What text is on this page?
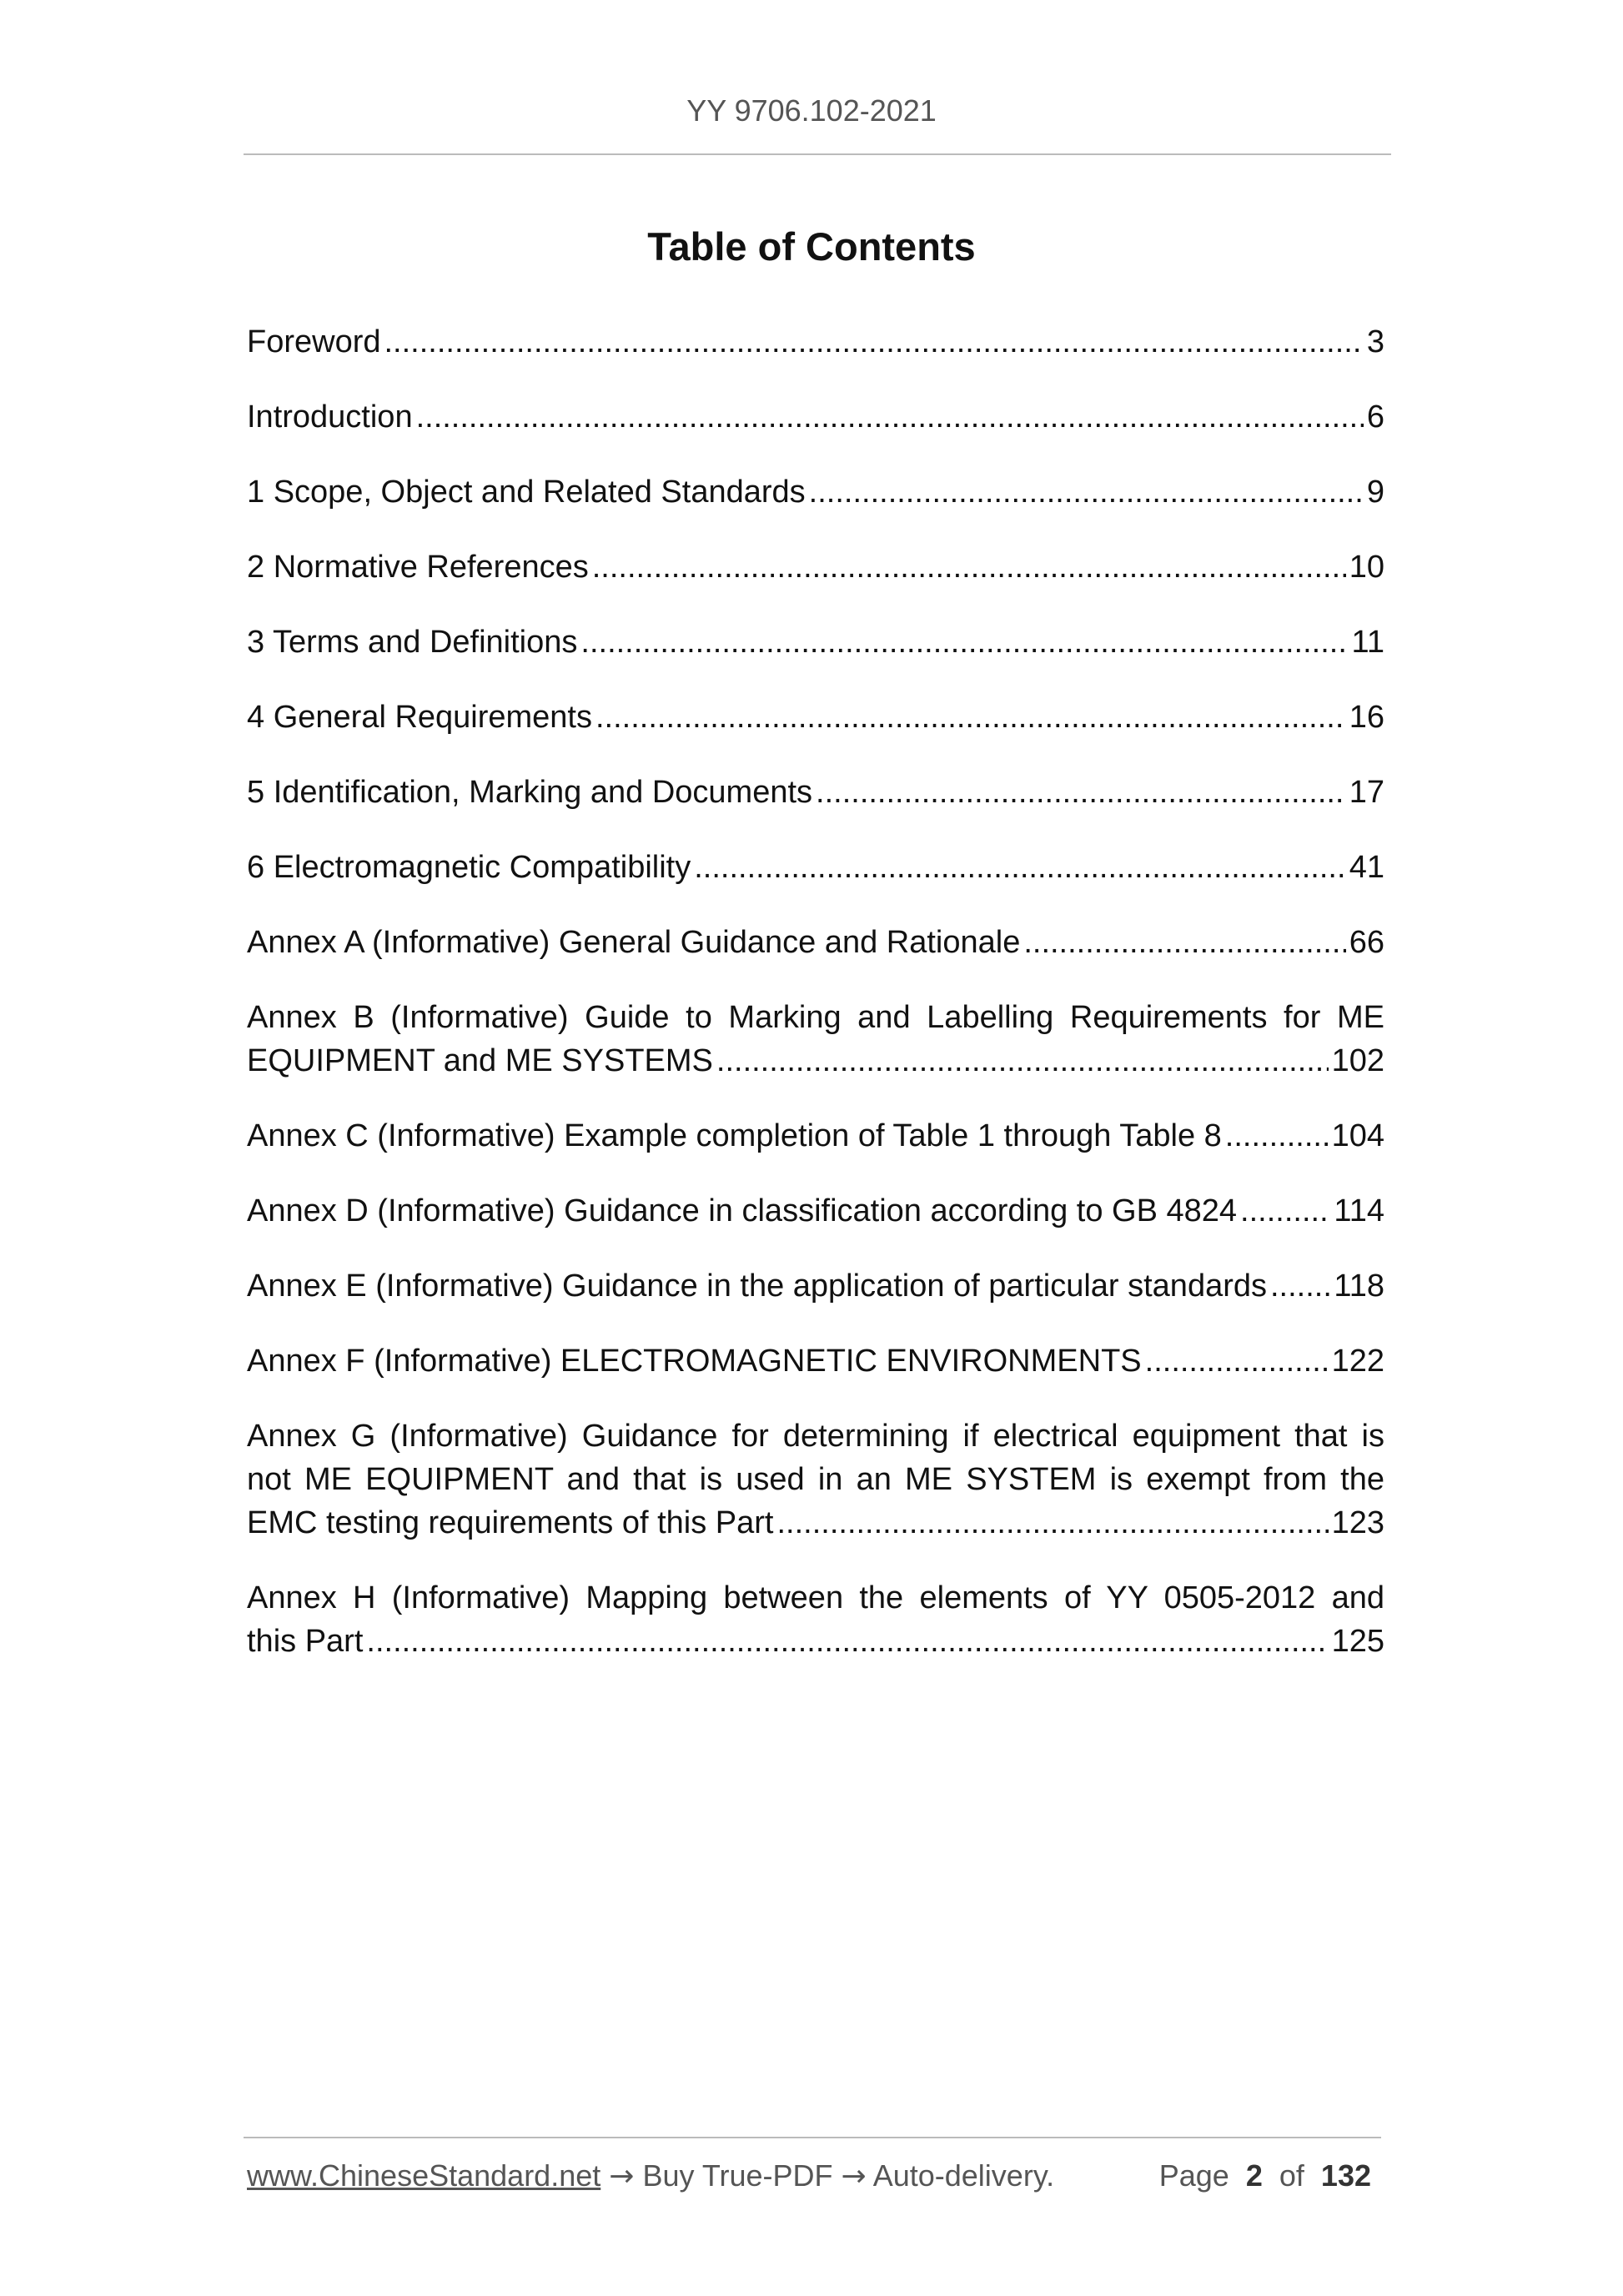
YY 9706.102-2021
Table of Contents
Foreword .....	3
Introduction .....	6
1 Scope, Object and Related Standards .....	9
2 Normative References .....	10
3 Terms and Definitions .....	11
4 General Requirements .....	16
5 Identification, Marking and Documents .....	17
6 Electromagnetic Compatibility .....	41
Annex A (Informative) General Guidance and Rationale .....	66
Annex B (Informative) Guide to Marking and Labelling Requirements for ME
EQUIPMENT and ME SYSTEMS .....	102
Annex C (Informative) Example completion of Table 1 through Table 8 .....	104
Annex D (Informative) Guidance in classification according to GB 4824 .....	114
Annex E (Informative) Guidance in the application of particular standards ..... 118
Annex F (Informative) ELECTROMAGNETIC ENVIRONMENTS .....	122
Annex G (Informative) Guidance for determining if electrical equipment that is
not ME EQUIPMENT and that is used in an ME SYSTEM is exempt from the
EMC testing requirements of this Part .....	123
Annex H (Informative) Mapping between the elements of YY 0505-2012 and
this Part .....	125
www.ChineseStandard.net → Buy True-PDF → Auto-delivery.	Page 2 of 132
